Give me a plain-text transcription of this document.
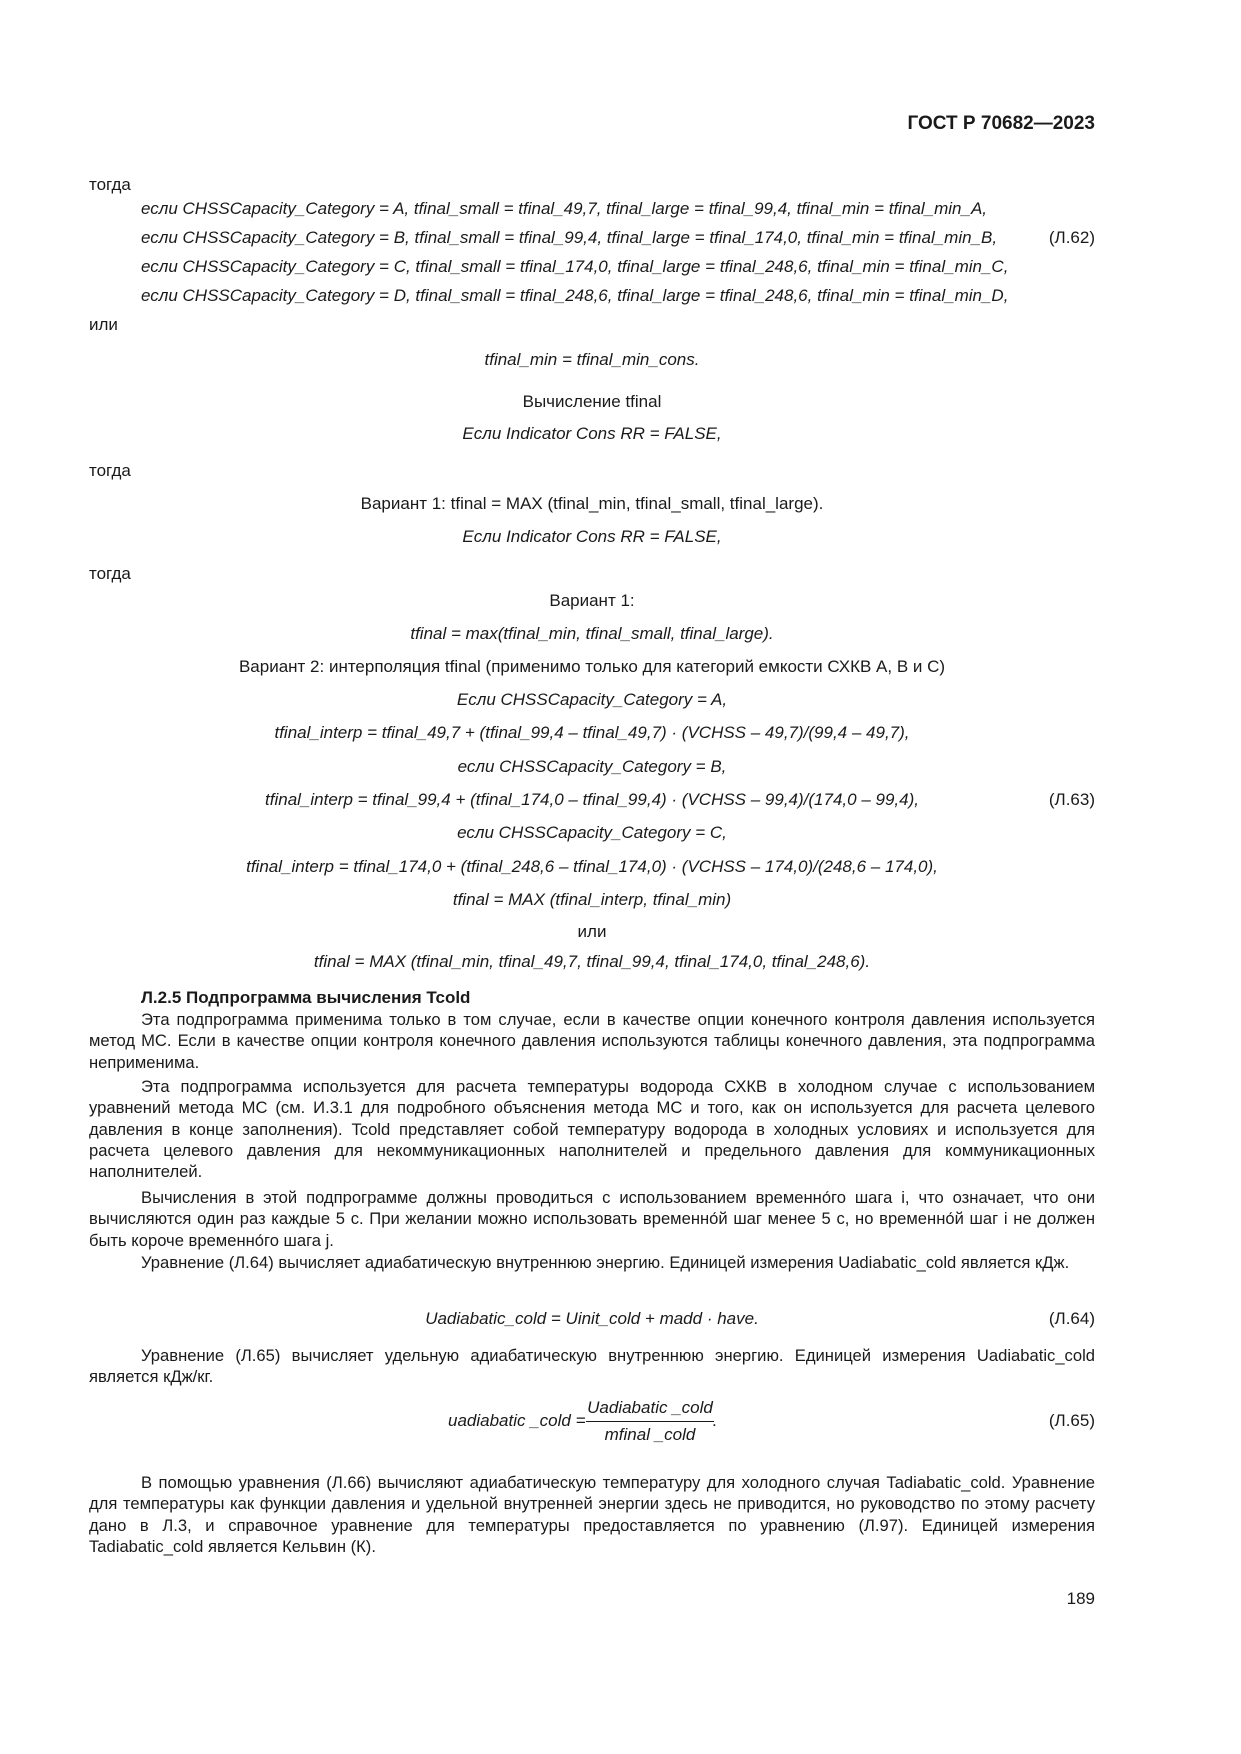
ГОСТ Р 70682—2023
тогда
если CHSSCapacity_Category = A, tfinal_small = tfinal_49,7, tfinal_large = tfinal_99,4, tfinal_min = tfinal_min_A,
если CHSSCapacity_Category = B, tfinal_small = tfinal_99,4, tfinal_large = tfinal_174,0, tfinal_min = tfinal_min_B,
если CHSSCapacity_Category = C, tfinal_small = tfinal_174,0, tfinal_large = tfinal_248,6, tfinal_min = tfinal_min_C,
если CHSSCapacity_Category = D, tfinal_small = tfinal_248,6, tfinal_large = tfinal_248,6, tfinal_min = tfinal_min_D,
(Л.62)
или
tfinal_min = tfinal_min_cons.
Вычисление tfinal
Если Indicator Cons RR = FALSE,
тогда
Вариант 1: tfinal = MAX (tfinal_min, tfinal_small, tfinal_large).
Если Indicator Cons RR = FALSE,
тогда
Вариант 1:
tfinal = max(tfinal_min, tfinal_small, tfinal_large).
Вариант 2: интерполяция tfinal (применимо только для категорий емкости СХКВ A, B и C)
Если CHSSCapacity_Category = A,
tfinal_interp = tfinal_49,7 + (tfinal_99,4 – tfinal_49,7) · (VCHSS – 49,7)/(99,4 – 49,7),
если CHSSCapacity_Category = B,
tfinal_interp = tfinal_99,4 + (tfinal_174,0 – tfinal_99,4) · (VCHSS – 99,4)/(174,0 – 99,4),	(Л.63)
если CHSSCapacity_Category = C,
tfinal_interp = tfinal_174,0 + (tfinal_248,6 – tfinal_174,0) · (VCHSS – 174,0)/(248,6 – 174,0),
tfinal = MAX (tfinal_interp, tfinal_min)
или
tfinal = MAX (tfinal_min, tfinal_49,7, tfinal_99,4, tfinal_174,0, tfinal_248,6).
Л.2.5 Подпрограмма вычисления Tcold
Эта подпрограмма применима только в том случае, если в качестве опции конечного контроля давления используется метод МС. Если в качестве опции контроля конечного давления используются таблицы конечного давления, эта подпрограмма неприменима.
Эта подпрограмма используется для расчета температуры водорода СХКВ в холодном случае с использованием уравнений метода МС (см. И.3.1 для подробного объяснения метода МС и того, как он используется для расчета целевого давления в конце заполнения). Tcold представляет собой температуру водорода в холодных условиях и используется для расчета целевого давления для некоммуникационных наполнителей и предельного давления для коммуникационных наполнителей.
Вычисления в этой подпрограмме должны проводиться с использованием временно́го шага i, что означает, что они вычисляются один раз каждые 5 с. При желании можно использовать временно́й шаг менее 5 с, но временно́й шаг i не должен быть короче временно́го шага j.
Уравнение (Л.64) вычисляет адиабатическую внутреннюю энергию. Единицей измерения Uadiabatic_cold является кДж.
Uadiabatic_cold = Uinit_cold + madd · have.	(Л.64)
Уравнение (Л.65) вычисляет удельную адиабатическую внутреннюю энергию. Единицей измерения Uadiabatic_cold является кДж/кг.
uadiabatic _cold =
Uadiabatic _cold
mfinal _cold
.	(Л.65)
В помощью уравнения (Л.66) вычисляют адиабатическую температуру для холодного случая Tadiabatic_cold. Уравнение для температуры как функции давления и удельной внутренней энергии здесь не приводится, но руководство по этому расчету дано в Л.3, и справочное уравнение для температуры предоставляется по уравнению (Л.97). Единицей измерения Tadiabatic_cold является Кельвин (К).
189
